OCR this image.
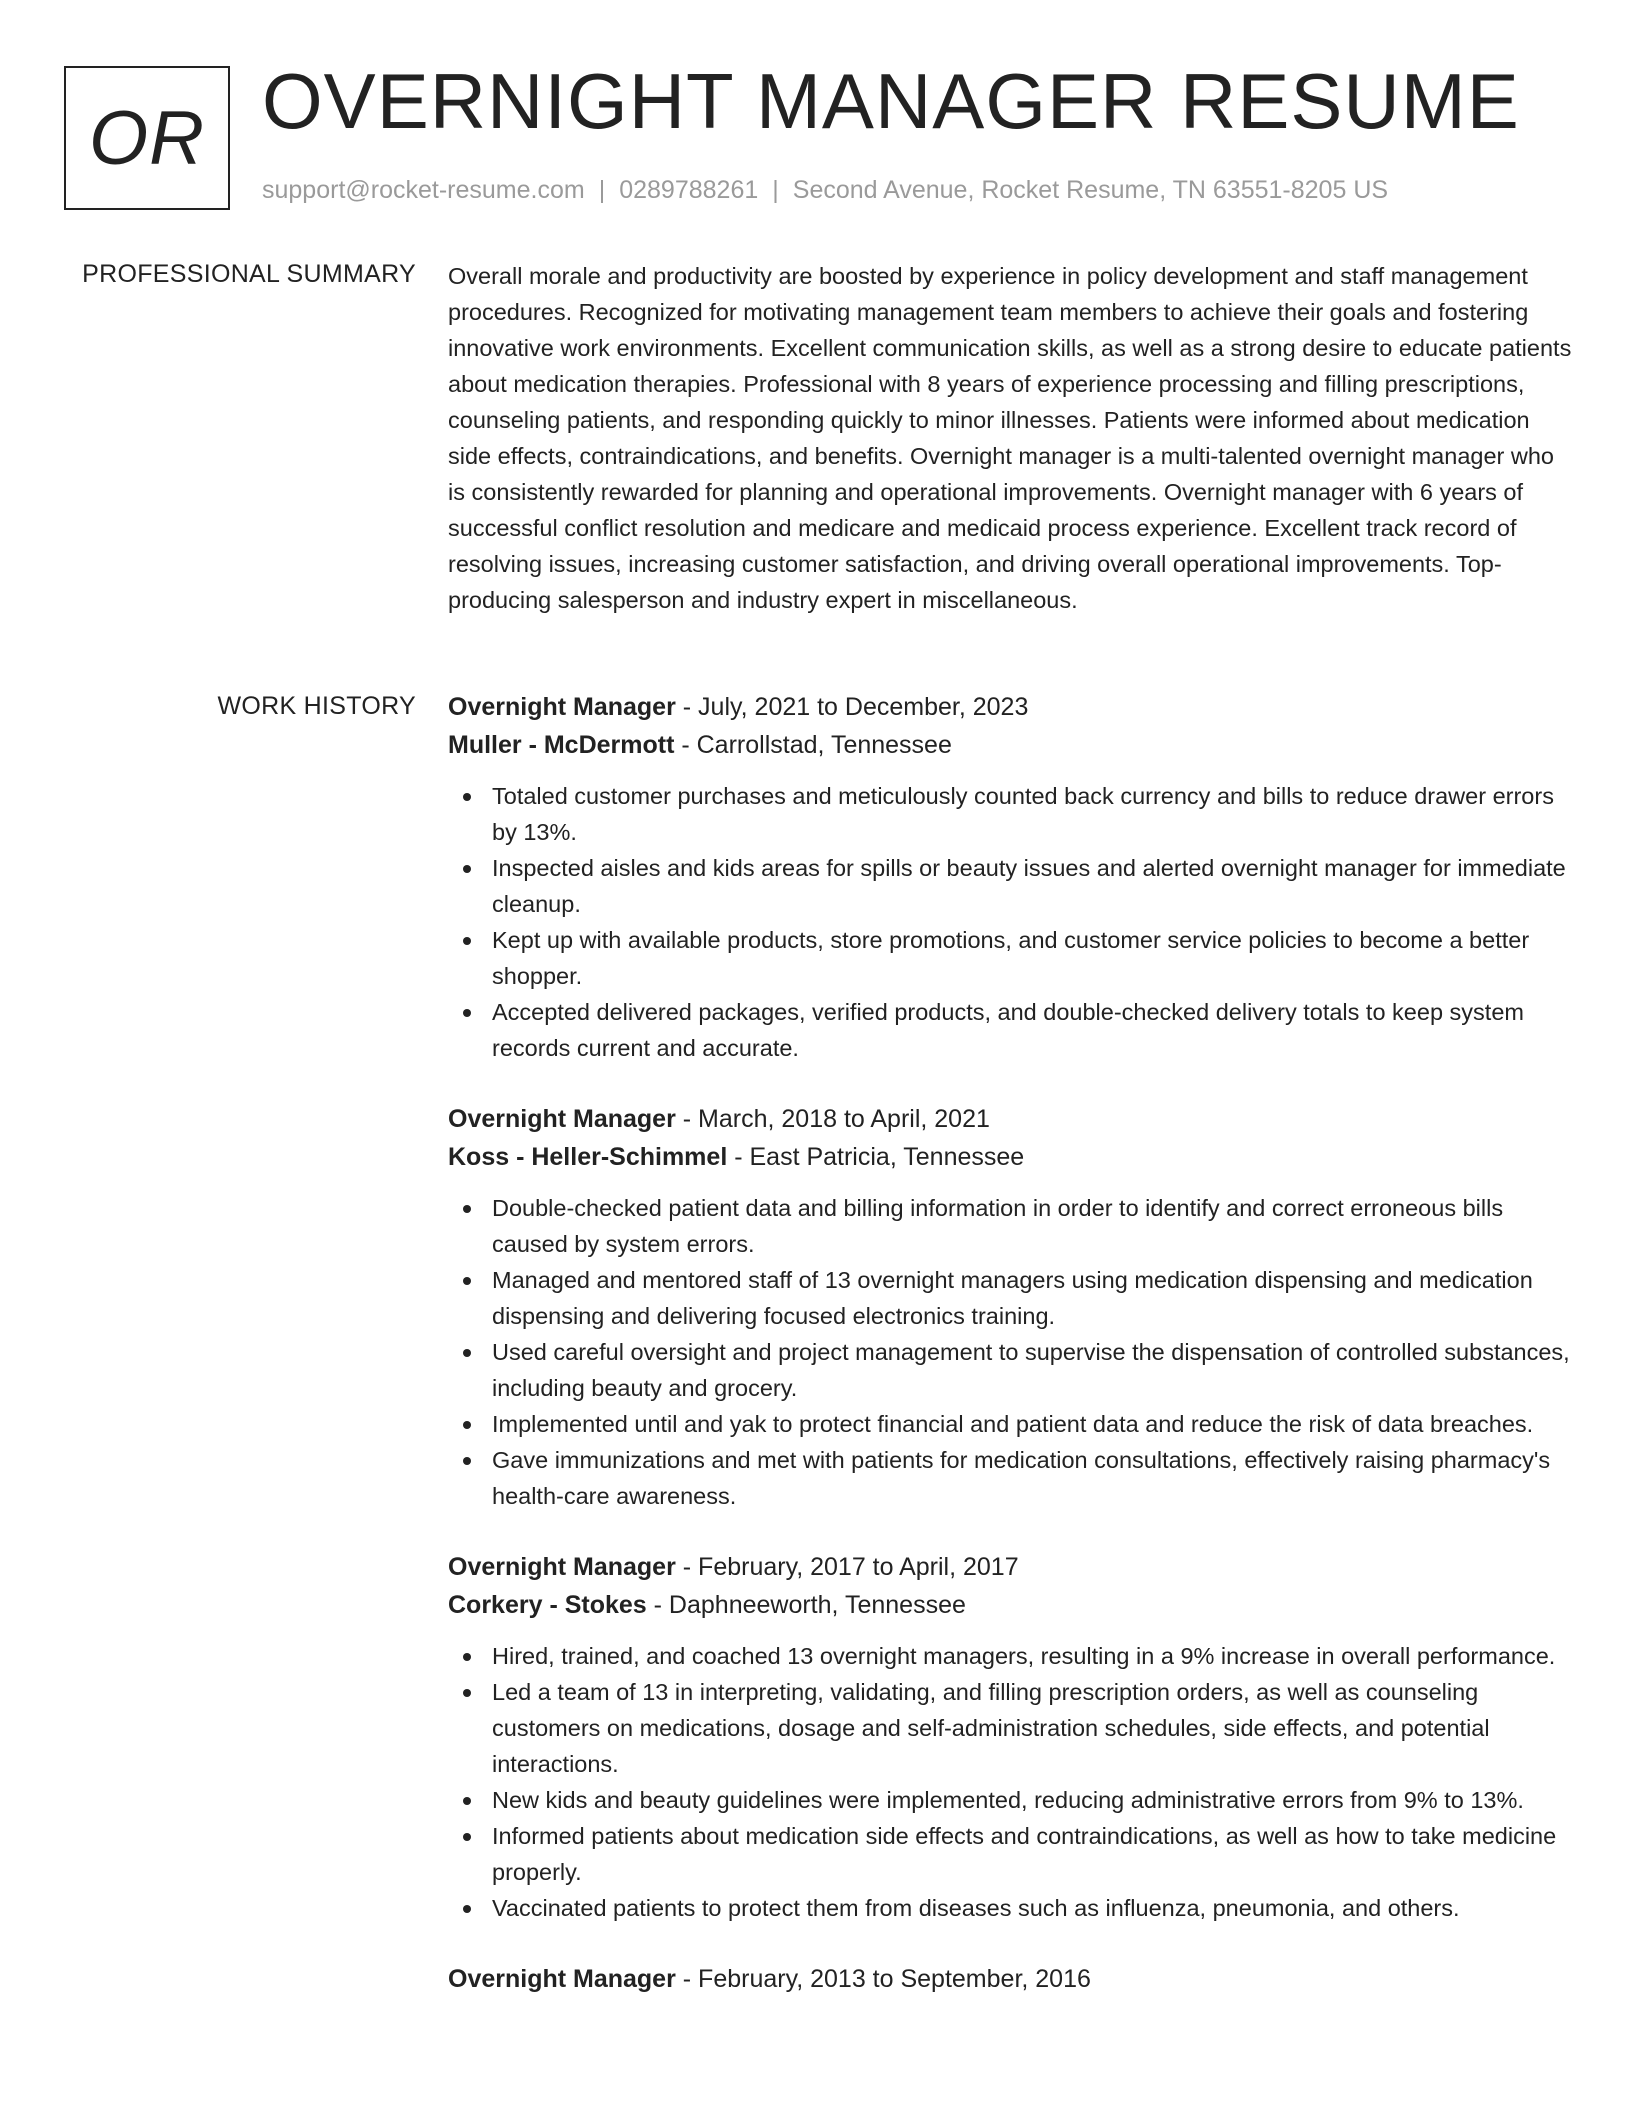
OR OVERNIGHT MANAGER RESUME
support@rocket-resume.com | 0289788261 | Second Avenue, Rocket Resume, TN 63551-8205 US
PROFESSIONAL SUMMARY Overall morale and productivity are boosted by experience in policy development and staff management procedures. Recognized for motivating management team members to achieve their goals and fostering innovative work environments. Excellent communication skills, as well as a strong desire to educate patients about medication therapies. Professional with 8 years of experience processing and filling prescriptions, counseling patients, and responding quickly to minor illnesses. Patients were informed about medication side effects, contraindications, and benefits. Overnight manager is a multi-talented overnight manager who is consistently rewarded for planning and operational improvements. Overnight manager with 6 years of successful conflict resolution and medicare and medicaid process experience. Excellent track record of resolving issues, increasing customer satisfaction, and driving overall operational improvements. Top-producing salesperson and industry expert in miscellaneous.

WORK HISTORY Overnight Manager - July, 2021 to December, 2023
Muller - McDermott - Carrollstad, Tennessee
Totaled customer purchases and meticulously counted back currency and bills to reduce drawer errors by 13%.
Inspected aisles and kids areas for spills or beauty issues and alerted overnight manager for immediate cleanup.
Kept up with available products, store promotions, and customer service policies to become a better shopper.
Accepted delivered packages, verified products, and double-checked delivery totals to keep system records current and accurate.
Overnight Manager - March, 2018 to April, 2021
Koss - Heller-Schimmel - East Patricia, Tennessee
Double-checked patient data and billing information in order to identify and correct erroneous bills caused by system errors.
Managed and mentored staff of 13 overnight managers using medication dispensing and medication dispensing and delivering focused electronics training.
Used careful oversight and project management to supervise the dispensation of controlled substances, including beauty and grocery.
Implemented until and yak to protect financial and patient data and reduce the risk of data breaches.
Gave immunizations and met with patients for medication consultations, effectively raising pharmacy's health-care awareness.
Overnight Manager - February, 2017 to April, 2017
Corkery - Stokes - Daphneeworth, Tennessee
Hired, trained, and coached 13 overnight managers, resulting in a 9% increase in overall performance.
Led a team of 13 in interpreting, validating, and filling prescription orders, as well as counseling customers on medications, dosage and self-administration schedules, side effects, and potential interactions.
New kids and beauty guidelines were implemented, reducing administrative errors from 9% to 13%.
Informed patients about medication side effects and contraindications, as well as how to take medicine properly.
Vaccinated patients to protect them from diseases such as influenza, pneumonia, and others.
Overnight Manager - February, 2013 to September, 2016
